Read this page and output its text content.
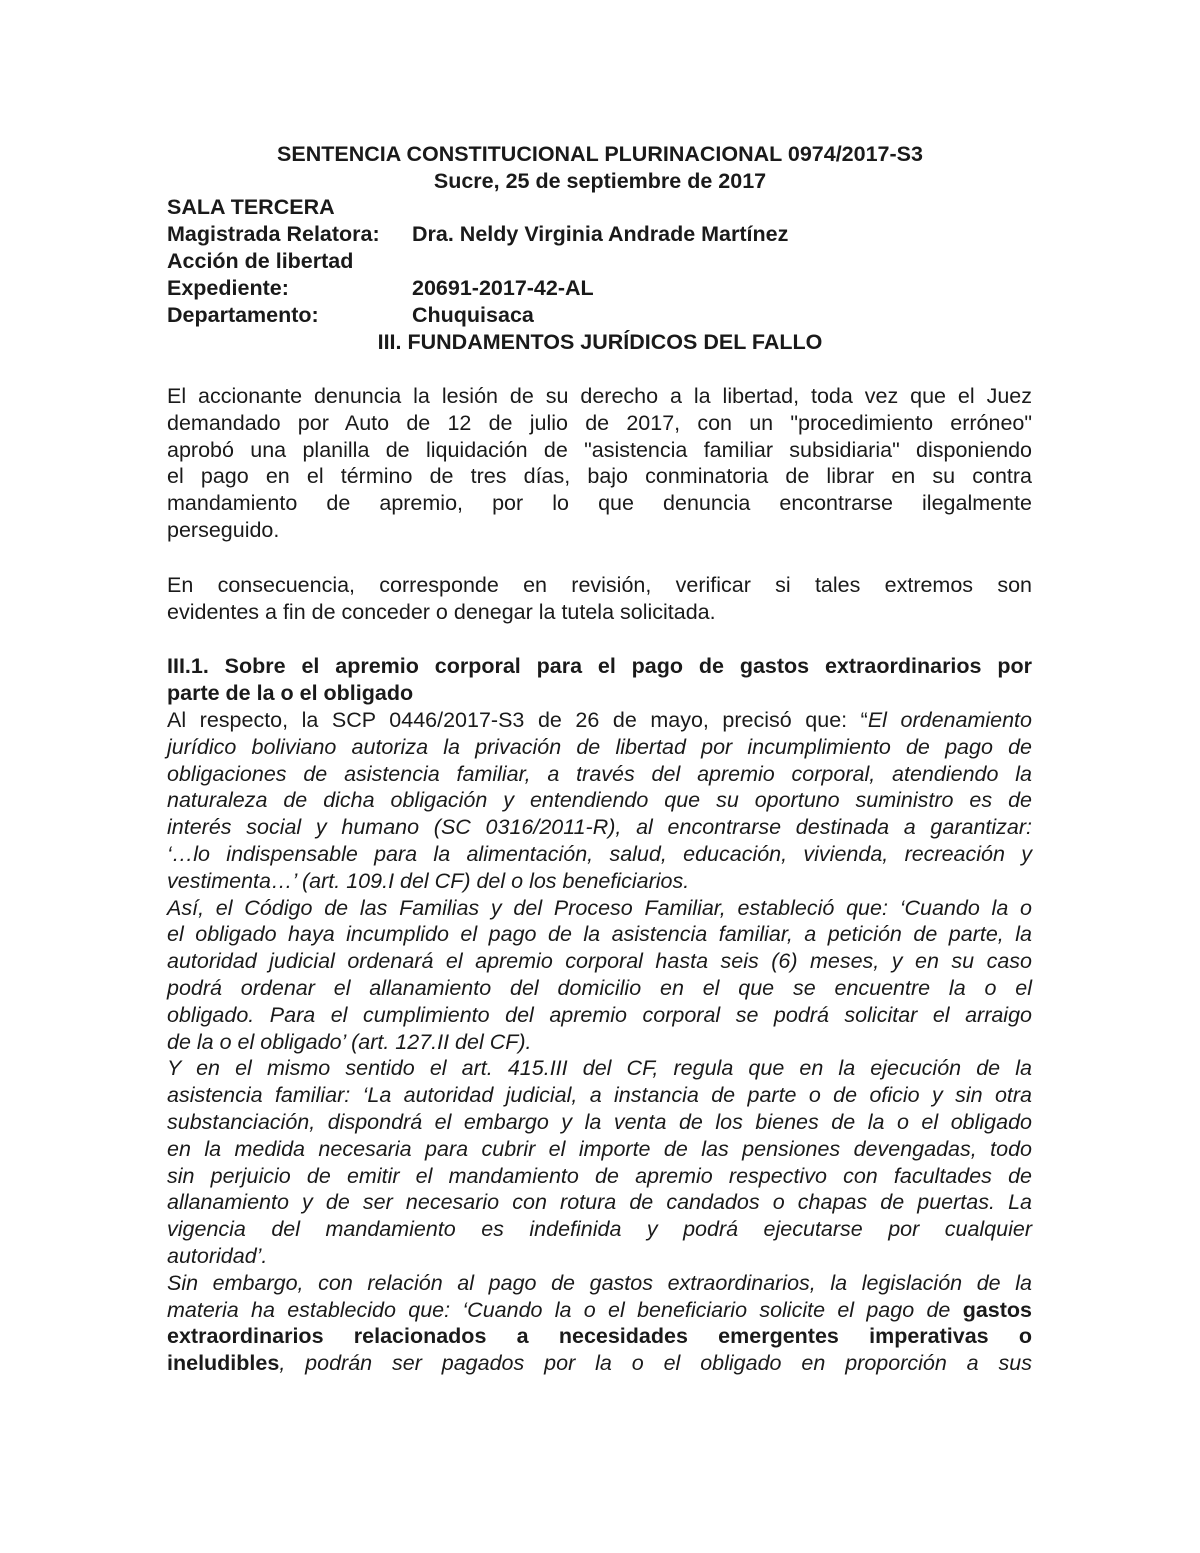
SENTENCIA CONSTITUCIONAL PLURINACIONAL 0974/2017-S3
Sucre, 25 de septiembre de 2017
SALA TERCERA
Magistrada Relatora: Dra. Neldy Virginia Andrade Martínez
Acción de libertad
Expediente:	20691-2017-42-AL
Departamento:	Chuquisaca
III. FUNDAMENTOS JURÍDICOS DEL FALLO
El accionante denuncia la lesión de su derecho a la libertad, toda vez que el Juez
demandado por Auto de 12 de julio de 2017, con un "procedimiento erróneo"
aprobó una planilla de liquidación de "asistencia familiar subsidiaria" disponiendo
el pago en el término de tres días, bajo conminatoria de librar en su contra
mandamiento de apremio, por lo que denuncia encontrarse ilegalmente
perseguido.
En consecuencia, corresponde en revisión, verificar si tales extremos son
evidentes a fin de conceder o denegar la tutela solicitada.
III.1. Sobre el apremio corporal para el pago de gastos extraordinarios por
parte de la o el obligado
Al respecto, la SCP 0446/2017-S3 de 26 de mayo, precisó que: “El ordenamiento
jurídico boliviano autoriza la privación de libertad por incumplimiento de pago de
obligaciones de asistencia familiar, a través del apremio corporal, atendiendo la
naturaleza de dicha obligación y entendiendo que su oportuno suministro es de
interés social y humano (SC 0316/2011-R), al encontrarse destinada a garantizar:
‘…lo indispensable para la alimentación, salud, educación, vivienda, recreación y
vestimenta…’ (art. 109.I del CF) del o los beneficiarios.
Así, el Código de las Familias y del Proceso Familiar, estableció que: ‘Cuando la o
el obligado haya incumplido el pago de la asistencia familiar, a petición de parte, la
autoridad judicial ordenará el apremio corporal hasta seis (6) meses, y en su caso
podrá ordenar el allanamiento del domicilio en el que se encuentre la o el
obligado. Para el cumplimiento del apremio corporal se podrá solicitar el arraigo
de la o el obligado’ (art. 127.II del CF).
Y en el mismo sentido el art. 415.III del CF, regula que en la ejecución de la
asistencia familiar: ‘La autoridad judicial, a instancia de parte o de oficio y sin otra
substanciación, dispondrá el embargo y la venta de los bienes de la o el obligado
en la medida necesaria para cubrir el importe de las pensiones devengadas, todo
sin perjuicio de emitir el mandamiento de apremio respectivo con facultades de
allanamiento y de ser necesario con rotura de candados o chapas de puertas. La
vigencia del mandamiento es indefinida y podrá ejecutarse por cualquier
autoridad’.
Sin embargo, con relación al pago de gastos extraordinarios, la legislación de la
materia ha establecido que: ‘Cuando la o el beneficiario solicite el pago de gastos
extraordinarios relacionados a necesidades emergentes imperativas o
ineludibles, podrán ser pagados por la o el obligado en proporción a sus
